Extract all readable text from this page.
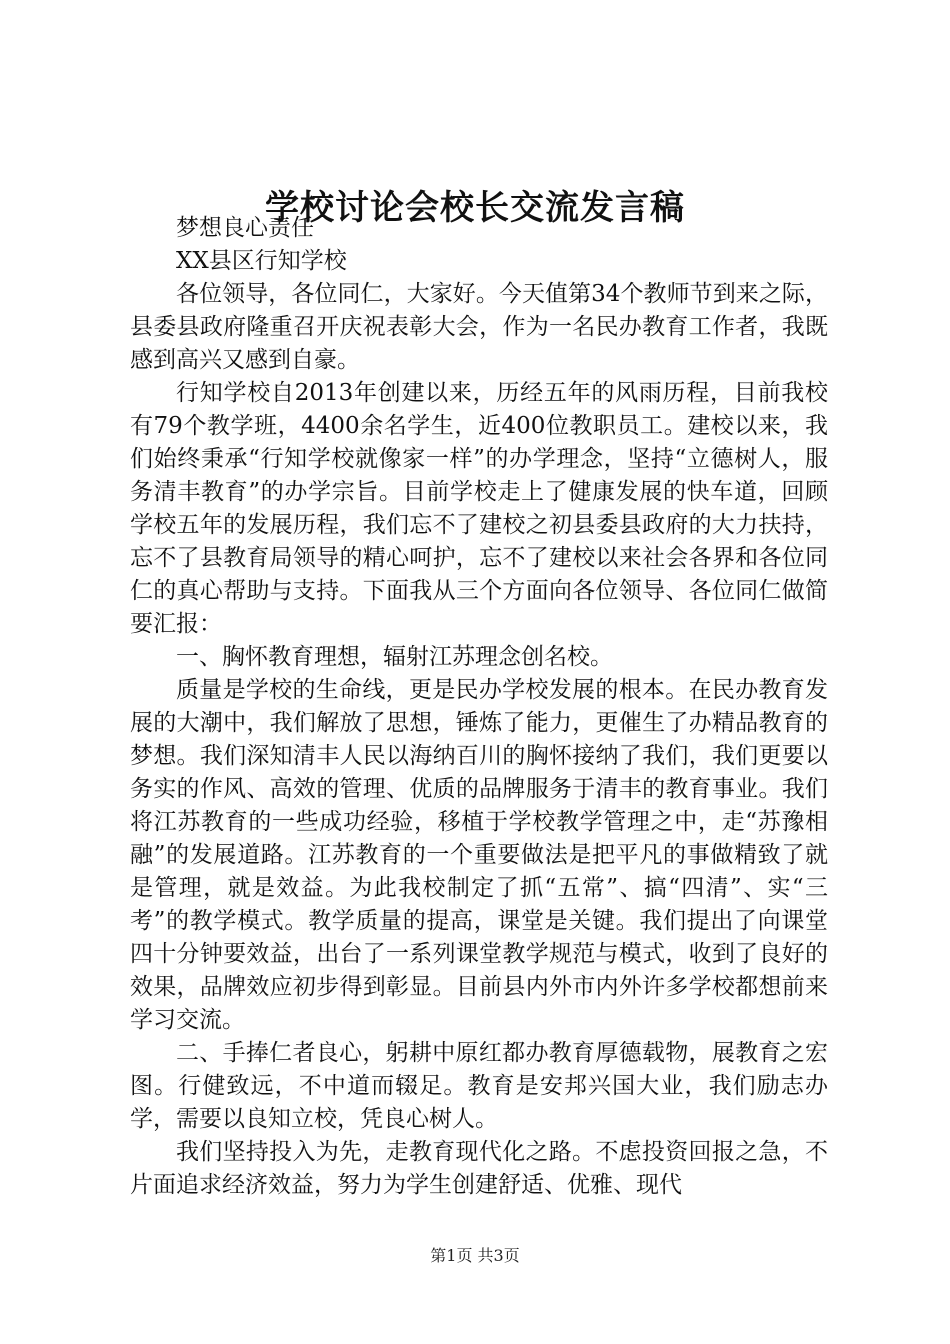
学校讨论会校长交流发言稿

梦想良心责任

XX县区行知学校

各位领导，各位同仁，大家好。今天值第34个教师节到来之际，县委县政府隆重召开庆祝表彰大会，作为一名民办教育工作者，我既感到高兴又感到自豪。

行知学校自2013年创建以来，历经五年的风雨历程，目前我校有79个教学班，4400余名学生，近400位教职员工。建校以来，我们始终秉承“行知学校就像家一样”的办学理念，坚持“立德树人，服务清丰教育”的办学宗旨。目前学校走上了健康发展的快车道，回顾学校五年的发展历程，我们忘不了建校之初县委县政府的大力扶持，忘不了县教育局领导的精心呵护，忘不了建校以来社会各界和各位同仁的真心帮助与支持。下面我从三个方面向各位领导、各位同仁做简要汇报：

一、胸怀教育理想，辐射江苏理念创名校。

质量是学校的生命线，更是民办学校发展的根本。在民办教育发展的大潮中，我们解放了思想，锤炼了能力，更催生了办精品教育的梦想。我们深知清丰人民以海纳百川的胸怀接纳了我们，我们更要以务实的作风、高效的管理、优质的品牌服务于清丰的教育事业。我们将江苏教育的一些成功经验，移植于学校教学管理之中，走“苏豫相融”的发展道路。江苏教育的一个重要做法是把平凡的事做精致了就是管理，就是效益。为此我校制定了抓“五常”、搞“四清”、实“三考”的教学模式。教学质量的提高，课堂是关键。我们提出了向课堂四十分钟要效益，出台了一系列课堂教学规范与模式，收到了良好的效果，品牌效应初步得到彰显。目前县内外市内外许多学校都想前来学习交流。

二、手捧仁者良心，躬耕中原红都办教育厚德载物，展教育之宏图。行健致远，不中道而辍足。教育是安邦兴国大业，我们励志办学，需要以良知立校，凭良心树人。

我们坚持投入为先，走教育现代化之路。不虑投资回报之急，不片面追求经济效益，努力为学生创建舒适、优雅、现代

第1页 共3页
